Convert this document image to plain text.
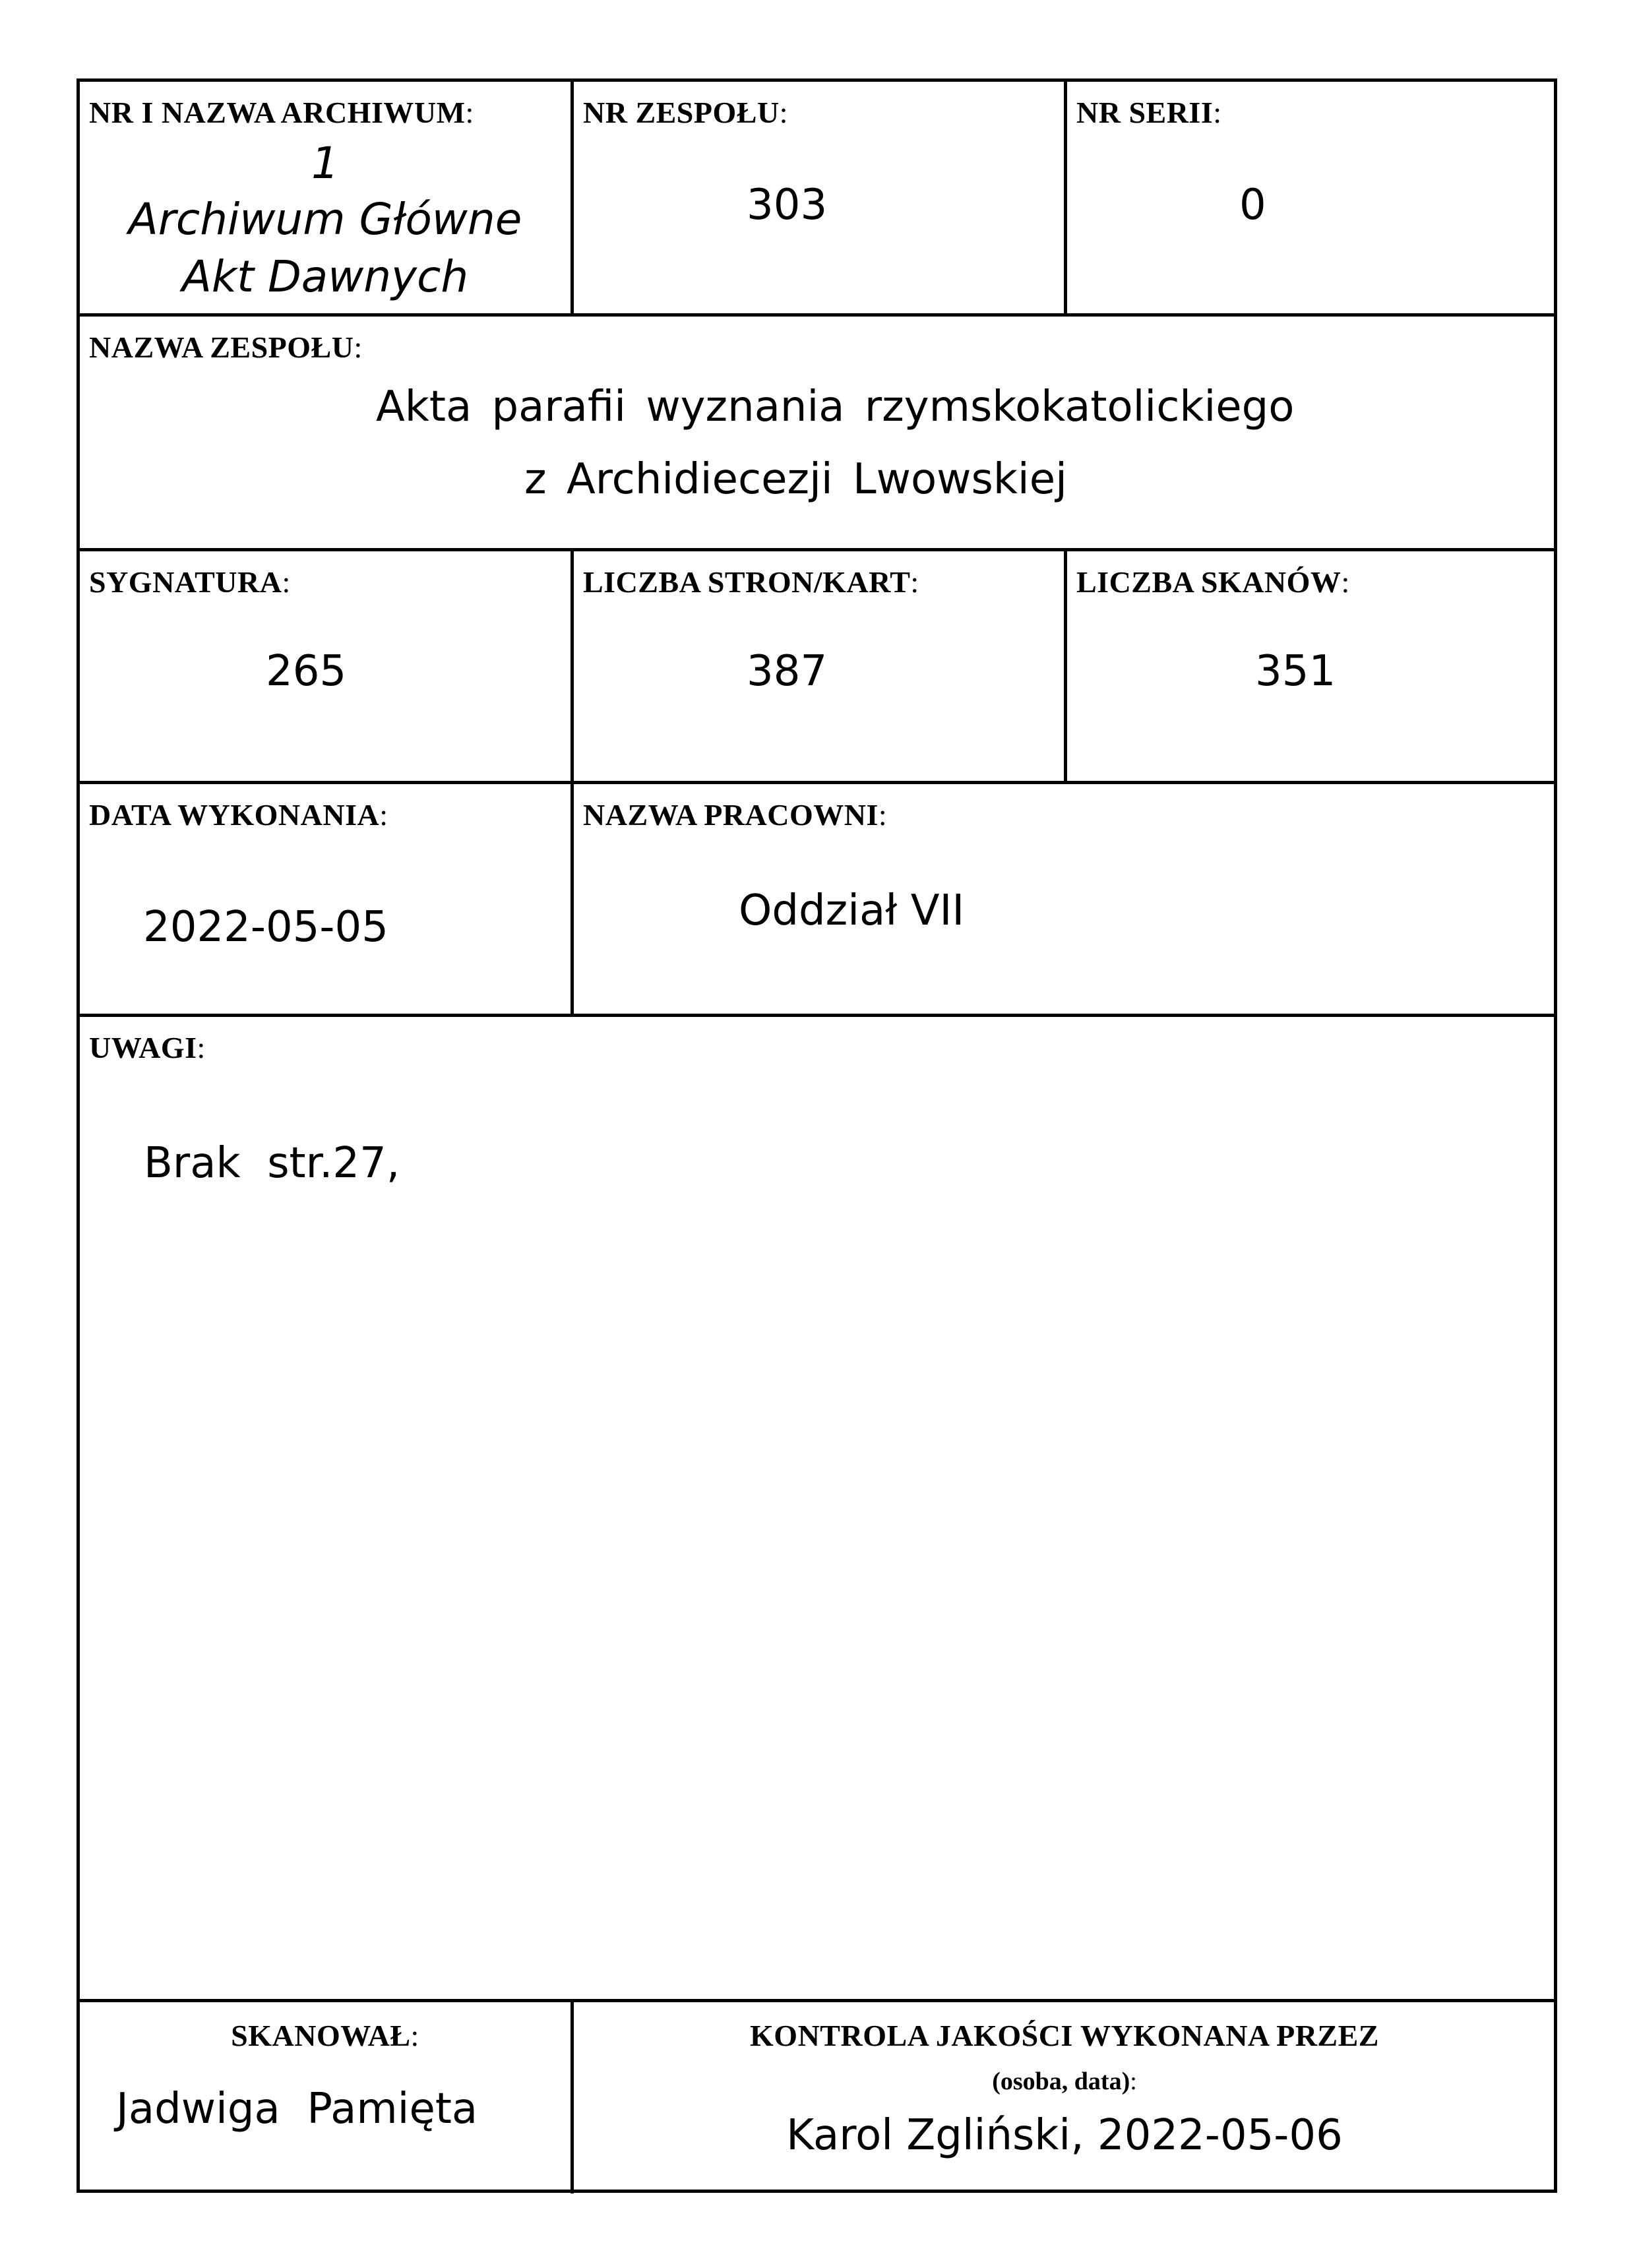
NR I NAZWA ARCHIWUM:
1
Archiwum Główne
Akt Dawnych
NR ZESPOŁU:
303
NR SERII:
0
NAZWA ZESPOŁU:
Akta parafii wyznania rzymskokatolickiego
z Archidiecezji Lwowskiej
SYGNATURA:
265
LICZBA STRON/KART:
387
LICZBA SKANÓW:
351
DATA WYKONANIA:
2022-05-05
NAZWA PRACOWNI:
Oddział VII
UWAGI:
Brak  str.27,
SKANOWAŁ:
Jadwiga  Pamięta
KONTROLA JAKOŚCI WYKONANA PRZEZ
(osoba, data):
Karol Zgliński, 2022-05-06
